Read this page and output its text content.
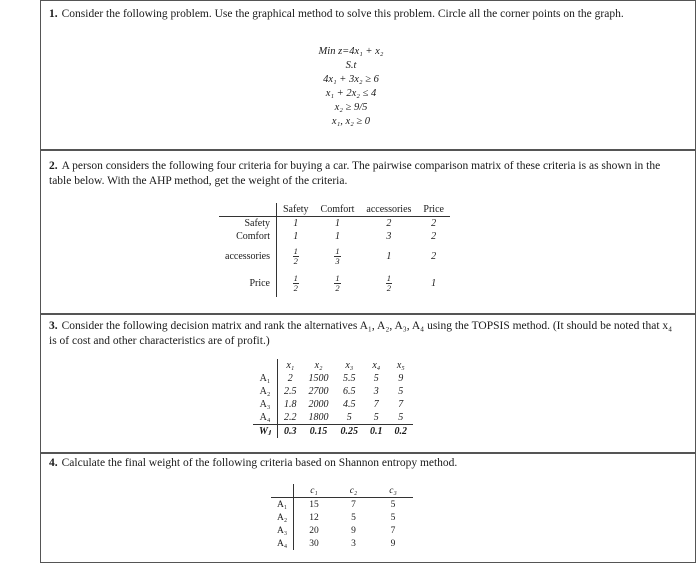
1. Consider the following problem. Use the graphical method to solve this problem. Circle all the corner points on the graph.
Min z=4x₁ + x₂
S.t
4x₁ + 3x₂ ≥ 6
x₁ + 2x₂ ≤ 4
x₂ ≥ 9/5
x₁, x₂ ≥ 0
2. A person considers the following four criteria for buying a car. The pairwise comparison matrix of these criteria is as shown in the table below. With the AHP method, get the weight of the criteria.
	Safety	Comfort	accessories	Price
Safety	1	1	2	2
Comfort	1	1	3	2
accessories	$\frac{1}{2}$	$\frac{1}{3}$	1	2
Price	$\frac{1}{2}$	$\frac{1}{2}$	$\frac{1}{2}$	1
3. Consider the following decision matrix and rank the alternatives A₁, A₂, A₃, A₄ using the TOPSIS method. (It should be noted that x₄ is of cost and other characteristics are of profit.)
	x₁	x₂	x₃	x₄	x₅
A₁	2	1500	5.5	5	9
A₂	2.5	2700	6.5	3	5
A₃	1.8	2000	4.5	7	7
A₄	2.2	1800	5	5	5
Wⱼ	0.3	0.15	0.25	0.1	0.2
4. Calculate the final weight of the following criteria based on Shannon entropy method.
	c₁	c₂	c₃
A₁	15	7	5
A₂	12	5	5
A₃	20	9	7
A₄	30	3	9
